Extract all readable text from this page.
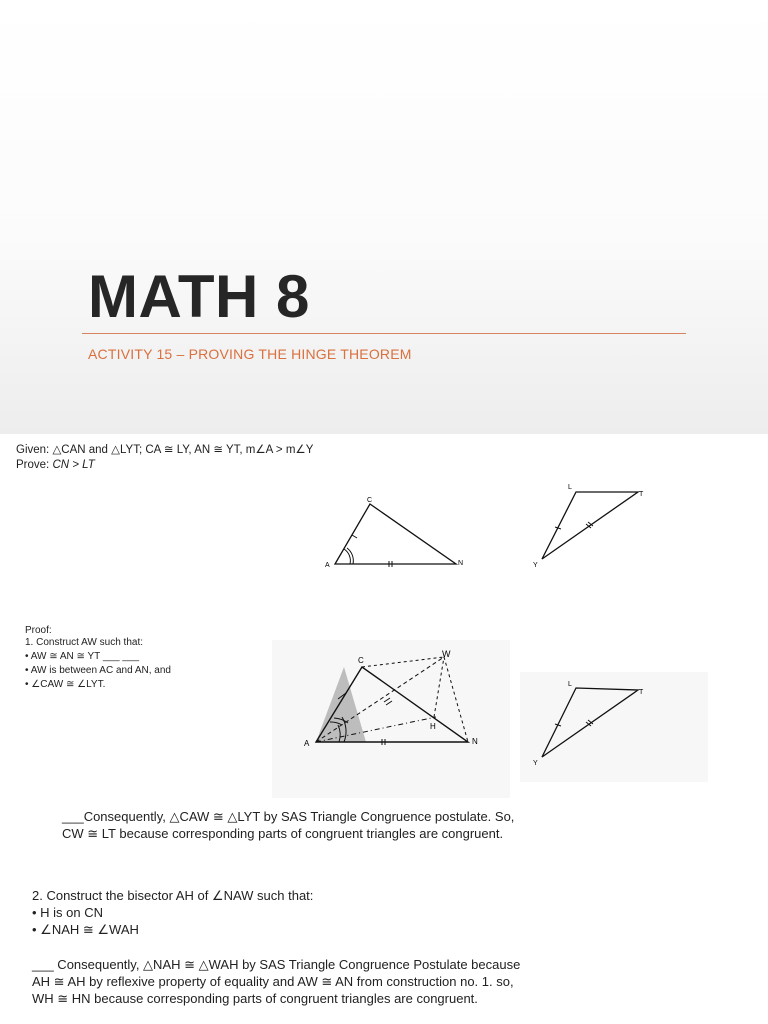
MATH 8
ACTIVITY 15 – PROVING THE HINGE THEOREM
Given: △CAN and △LYT; CA ≅ LY, AN ≅ YT, m∠A > m∠Y
Prove: CN > LT
C
A	N
L
T
Y
Proof:
1. Construct AW such that:
• AW ≅ AN ≅ YT ___ ___
• AW is between AC and AN, and
• ∠CAW ≅ ∠LYT.
C
W
H
A	N
L
T
Y
___Consequently, △CAW ≅ △LYT by SAS Triangle Congruence postulate. So,
CW ≅ LT because corresponding parts of congruent triangles are congruent.
2. Construct the bisector AH of ∠NAW such that:
• H is on CN
• ∠NAH ≅ ∠WAH
___ Consequently, △NAH ≅ △WAH by SAS Triangle Congruence Postulate because
AH ≅ AH by reflexive property of equality and AW ≅ AN from construction no. 1. so,
WH ≅ HN because corresponding parts of congruent triangles are congruent.
